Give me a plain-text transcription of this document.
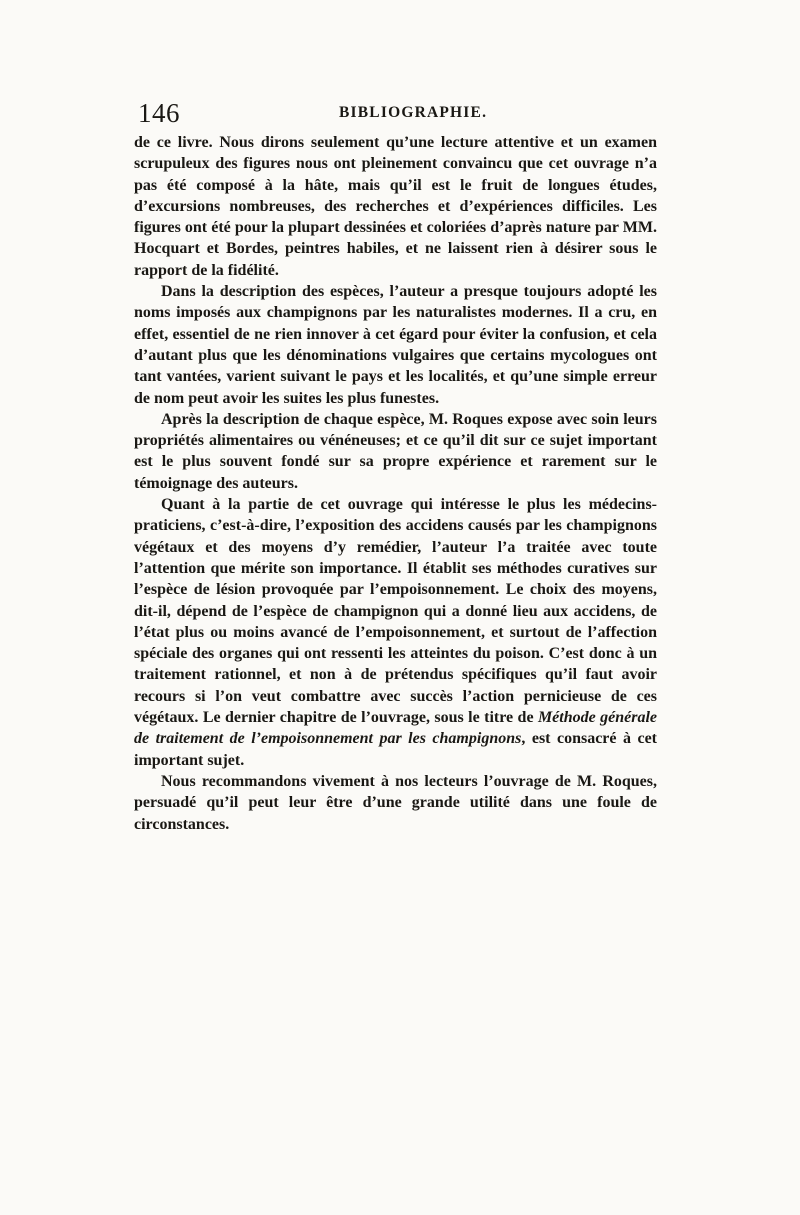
146	BIBLIOGRAPHIE.

de ce livre. Nous dirons seulement qu’une lecture attentive et un examen scrupuleux des figures nous ont pleinement convaincu que cet ouvrage n’a pas été composé à la hâte, mais qu’il est le fruit de longues études, d’excursions nombreuses, des recherches et d’expériences difficiles. Les figures ont été pour la plupart dessinées et coloriées d’après nature par MM. Hocquart et Bordes, peintres habiles, et ne laissent rien à désirer sous le rapport de la fidélité.

Dans la description des espèces, l’auteur a presque toujours adopté les noms imposés aux champignons par les naturalistes modernes. Il a cru, en effet, essentiel de ne rien innover à cet égard pour éviter la confusion, et cela d’autant plus que les dénominations vulgaires que certains mycologues ont tant vantées, varient suivant le pays et les localités, et qu’une simple erreur de nom peut avoir les suites les plus funestes.

Après la description de chaque espèce, M. Roques expose avec soin leurs propriétés alimentaires ou vénéneuses; et ce qu’il dit sur ce sujet important est le plus souvent fondé sur sa propre expérience et rarement sur le témoignage des auteurs.

Quant à la partie de cet ouvrage qui intéresse le plus les médecins-praticiens, c’est-à-dire, l’exposition des accidens causés par les champignons végétaux et des moyens d’y remédier, l’auteur l’a traitée avec toute l’attention que mérite son importance. Il établit ses méthodes curatives sur l’espèce de lésion provoquée par l’empoisonnement. Le choix des moyens, dit-il, dépend de l’espèce de champignon qui a donné lieu aux accidens, de l’état plus ou moins avancé de l’empoisonnement, et surtout de l’affection spéciale des organes qui ont ressenti les atteintes du poison. C’est donc à un traitement rationnel, et non à de prétendus spécifiques qu’il faut avoir recours si l’on veut combattre avec succès l’action pernicieuse de ces végétaux. Le dernier chapitre de l’ouvrage, sous le titre de Méthode générale de traitement de l’empoisonnement par les champignons, est consacré à cet important sujet.

Nous recommandons vivement à nos lecteurs l’ouvrage de M. Roques, persuadé qu’il peut leur être d’une grande utilité dans une foule de circonstances.
